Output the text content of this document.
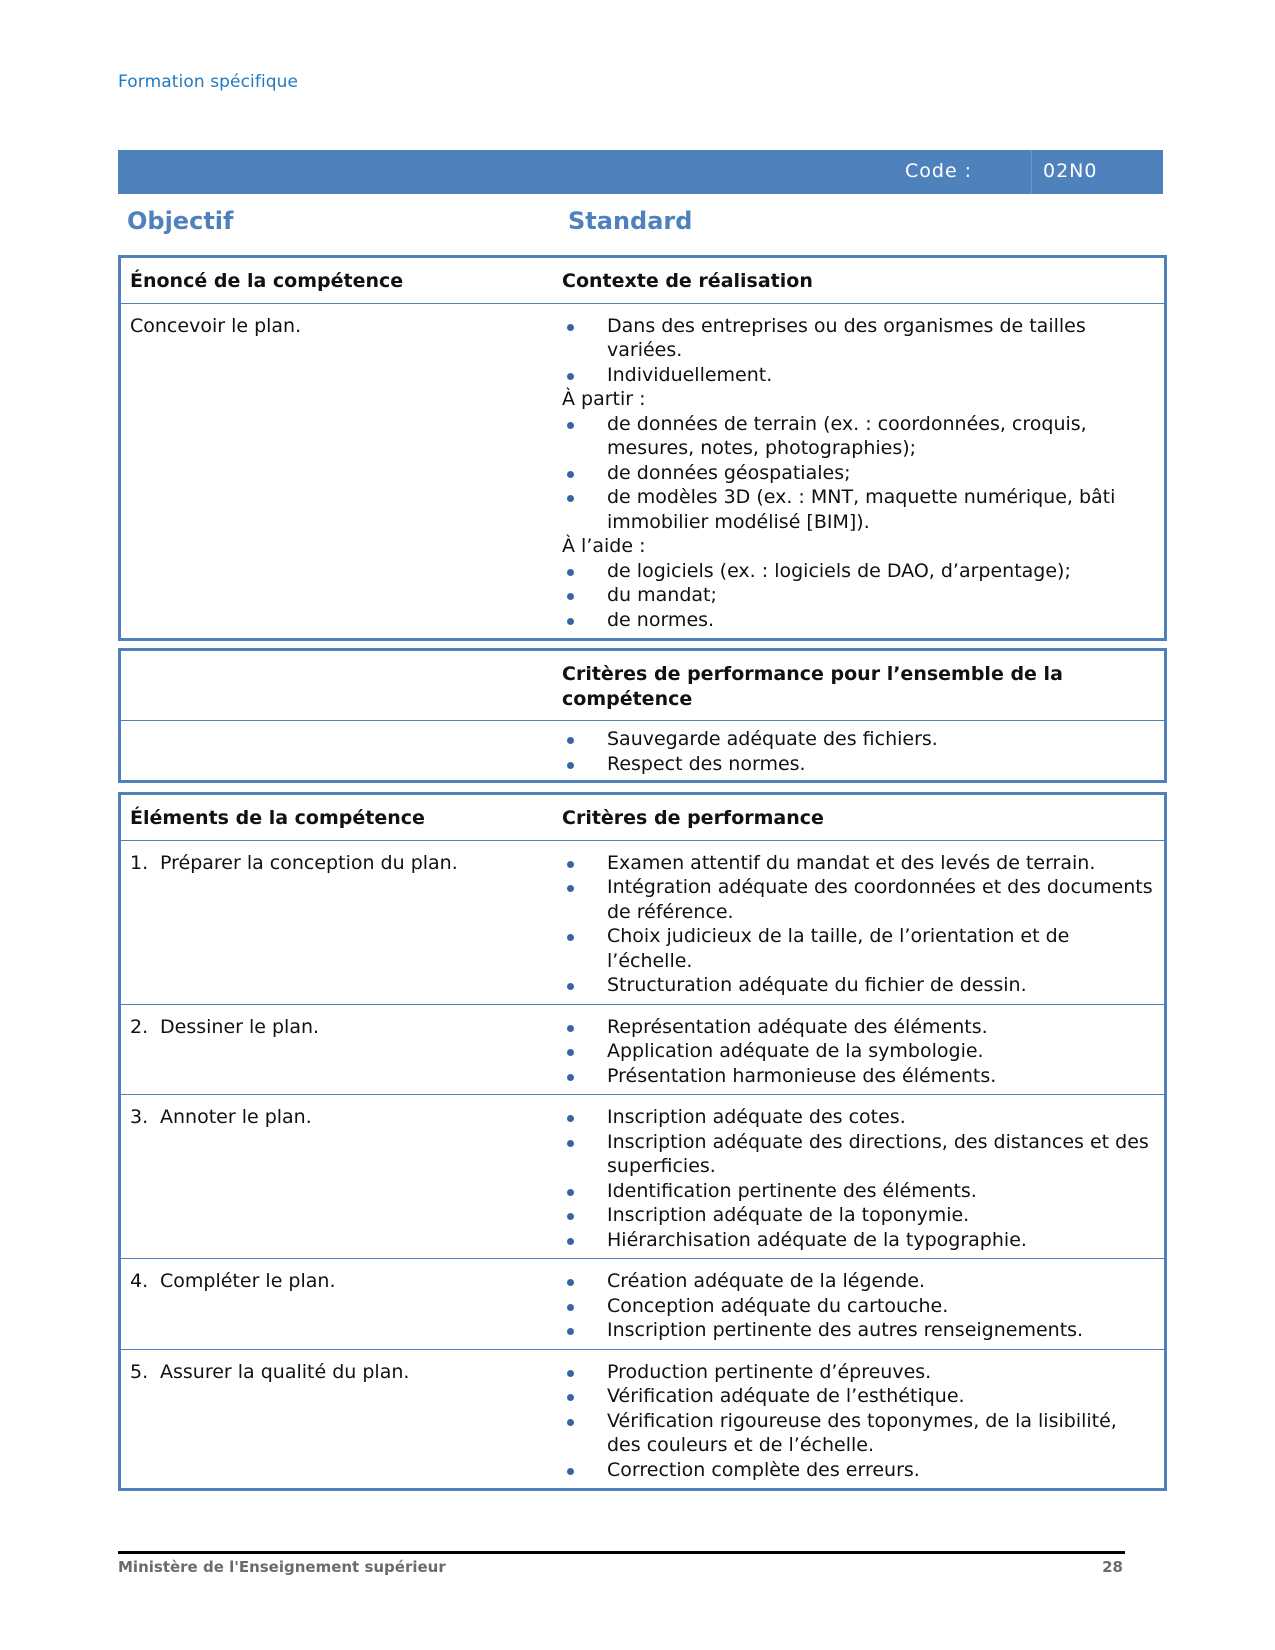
Formation spécifique
Code :	02N0
Objectif	Standard
Énoncé de la compétence	Contexte de réalisation
Concevoir le plan.	Dans des entreprises ou des organismes de tailles variées.
Individuellement.
À partir :
de données de terrain (ex. : coordonnées, croquis, mesures, notes, photographies);
de données géospatiales;
de modèles 3D (ex. : MNT, maquette numérique, bâti immobilier modélisé [BIM]).
À l’aide :
de logiciels (ex. : logiciels de DAO, d’arpentage);
du mandat;
de normes.
Critères de performance pour l’ensemble de la compétence
Sauvegarde adéquate des fichiers.
Respect des normes.
Éléments de la compétence	Critères de performance
1. Préparer la conception du plan.	Examen attentif du mandat et des levés de terrain.
Intégration adéquate des coordonnées et des documents de référence.
Choix judicieux de la taille, de l’orientation et de l’échelle.
Structuration adéquate du fichier de dessin.
2. Dessiner le plan.	Représentation adéquate des éléments.
Application adéquate de la symbologie.
Présentation harmonieuse des éléments.
3. Annoter le plan.	Inscription adéquate des cotes.
Inscription adéquate des directions, des distances et des superficies.
Identification pertinente des éléments.
Inscription adéquate de la toponymie.
Hiérarchisation adéquate de la typographie.
4. Compléter le plan.	Création adéquate de la légende.
Conception adéquate du cartouche.
Inscription pertinente des autres renseignements.
5. Assurer la qualité du plan.	Production pertinente d’épreuves.
Vérification adéquate de l’esthétique.
Vérification rigoureuse des toponymes, de la lisibilité, des couleurs et de l’échelle.
Correction complète des erreurs.
Ministère de l'Enseignement supérieur	28
